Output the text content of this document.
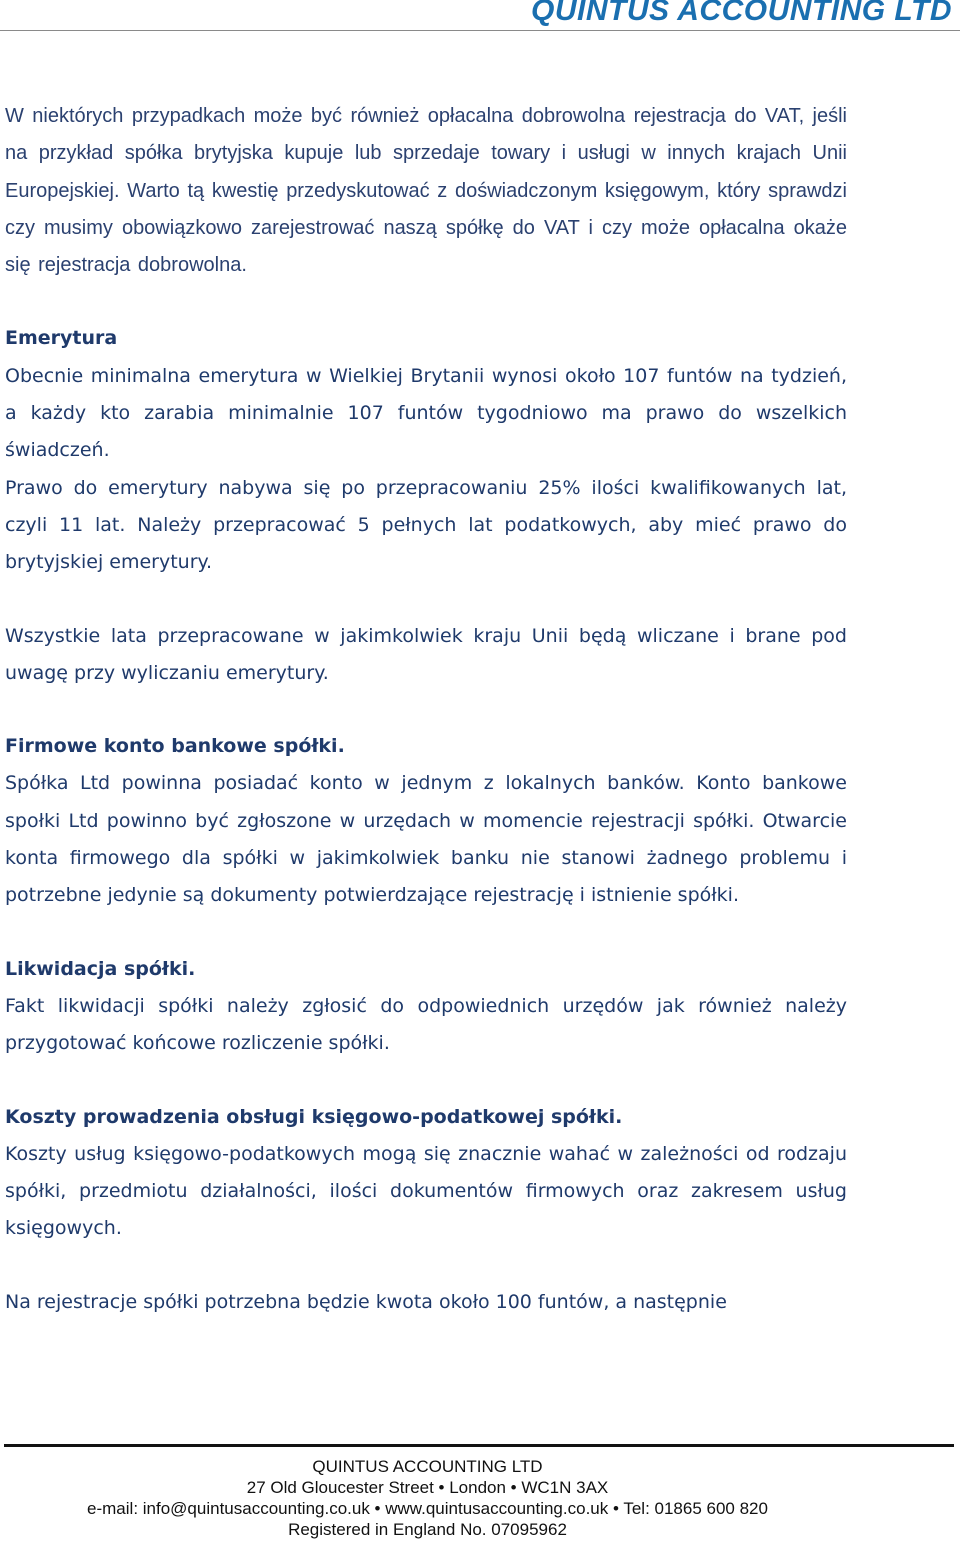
QUINTUS ACCOUNTING LTD

W niektórych przypadkach może być również opłacalna dobrowolna rejestracja do VAT, jeśli na przykład spółka brytyjska kupuje lub sprzedaje towary i usługi w innych krajach Unii Europejskiej. Warto tą kwestię przedyskutować z doświadczonym księgowym, który sprawdzi czy musimy obowiązkowo zarejestrować naszą spółkę do VAT i czy może opłacalna okaże się rejestracja dobrowolna.

Emerytura

Obecnie minimalna emerytura w Wielkiej Brytanii wynosi około 107 funtów na tydzień, a każdy kto zarabia minimalnie 107 funtów tygodniowo ma prawo do wszelkich świadczeń.

Prawo do emerytury nabywa się po przepracowaniu 25% ilości kwalifikowanych lat, czyli 11 lat. Należy przepracować 5 pełnych lat podatkowych, aby mieć prawo do brytyjskiej emerytury.

Wszystkie lata przepracowane w jakimkolwiek kraju Unii będą wliczane i brane pod uwagę przy wyliczaniu emerytury.

Firmowe konto bankowe spółki.

Spółka Ltd powinna posiadać konto w jednym z lokalnych banków. Konto bankowe społki Ltd powinno być zgłoszone w urzędach w momencie rejestracji spółki. Otwarcie konta firmowego dla spółki w jakimkolwiek banku nie stanowi żadnego problemu i potrzebne jedynie są dokumenty potwierdzające rejestrację i istnienie spółki.

Likwidacja spółki.

Fakt likwidacji spółki należy zgłosić do odpowiednich urzędów jak również należy przygotować końcowe rozliczenie spółki.

Koszty prowadzenia obsługi księgowo-podatkowej spółki.

Koszty usług księgowo-podatkowych mogą się znacznie wahać w zależności od rodzaju spółki, przedmiotu działalności, ilości dokumentów firmowych oraz zakresem usług księgowych.

Na rejestracje spółki potrzebna będzie kwota około 100 funtów, a następnie

QUINTUS ACCOUNTING LTD
27 Old Gloucester Street • London • WC1N 3AX
e-mail: info@quintusaccounting.co.uk • www.quintusaccounting.co.uk • Tel: 01865 600 820
Registered in England No. 07095962
